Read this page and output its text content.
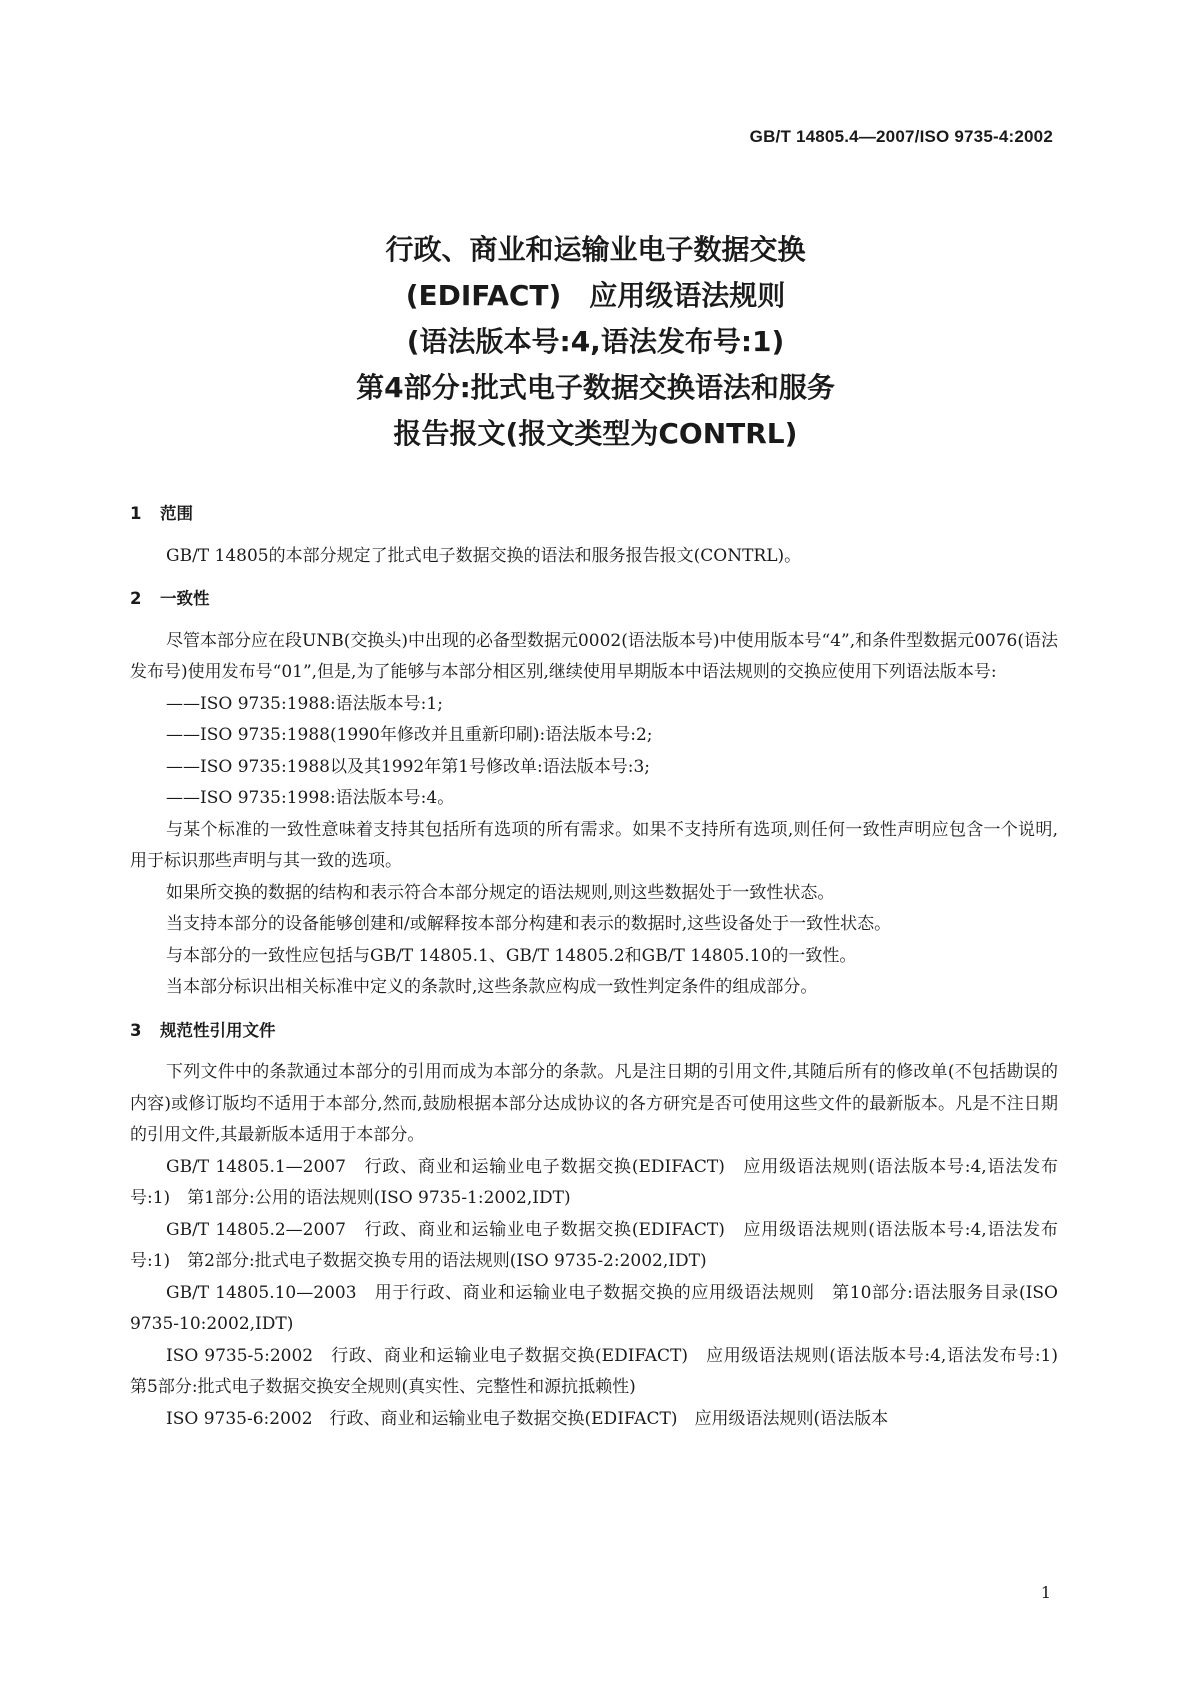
GB/T 14805.4—2007/ISO 9735-4:2002
行政、商业和运输业电子数据交换
(EDIFACT)　应用级语法规则
(语法版本号:4,语法发布号:1)
第4部分:批式电子数据交换语法和服务
报告报文(报文类型为CONTRL)
1 范围

GB/T 14805的本部分规定了批式电子数据交换的语法和服务报告报文(CONTRL)。

2 一致性

尽管本部分应在段UNB(交换头)中出现的必备型数据元0002(语法版本号)中使用版本号“4”,和条件型数据元0076(语法发布号)使用发布号“01”,但是,为了能够与本部分相区别,继续使用早期版本中语法规则的交换应使用下列语法版本号:

——ISO 9735:1988:语法版本号:1;
——ISO 9735:1988(1990年修改并且重新印刷):语法版本号:2;
——ISO 9735:1988以及其1992年第1号修改单:语法版本号:3;
——ISO 9735:1998:语法版本号:4。

与某个标准的一致性意味着支持其包括所有选项的所有需求。如果不支持所有选项,则任何一致性声明应包含一个说明,用于标识那些声明与其一致的选项。

如果所交换的数据的结构和表示符合本部分规定的语法规则,则这些数据处于一致性状态。

当支持本部分的设备能够创建和/或解释按本部分构建和表示的数据时,这些设备处于一致性状态。

与本部分的一致性应包括与GB/T 14805.1、GB/T 14805.2和GB/T 14805.10的一致性。

当本部分标识出相关标准中定义的条款时,这些条款应构成一致性判定条件的组成部分。

3 规范性引用文件

下列文件中的条款通过本部分的引用而成为本部分的条款。凡是注日期的引用文件,其随后所有的修改单(不包括勘误的内容)或修订版均不适用于本部分,然而,鼓励根据本部分达成协议的各方研究是否可使用这些文件的最新版本。凡是不注日期的引用文件,其最新版本适用于本部分。

GB/T 14805.1—2007　行政、商业和运输业电子数据交换(EDIFACT)　应用级语法规则(语法版本号:4,语法发布号:1)　第1部分:公用的语法规则(ISO 9735-1:2002,IDT)

GB/T 14805.2—2007　行政、商业和运输业电子数据交换(EDIFACT)　应用级语法规则(语法版本号:4,语法发布号:1)　第2部分:批式电子数据交换专用的语法规则(ISO 9735-2:2002,IDT)

GB/T 14805.10—2003　用于行政、商业和运输业电子数据交换的应用级语法规则　第10部分:语法服务目录(ISO 9735-10:2002,IDT)

ISO 9735-5:2002　行政、商业和运输业电子数据交换(EDIFACT)　应用级语法规则(语法版本号:4,语法发布号:1)　第5部分:批式电子数据交换安全规则(真实性、完整性和源抗抵赖性)

ISO 9735-6:2002　行政、商业和运输业电子数据交换(EDIFACT)　应用级语法规则(语法版本

1
